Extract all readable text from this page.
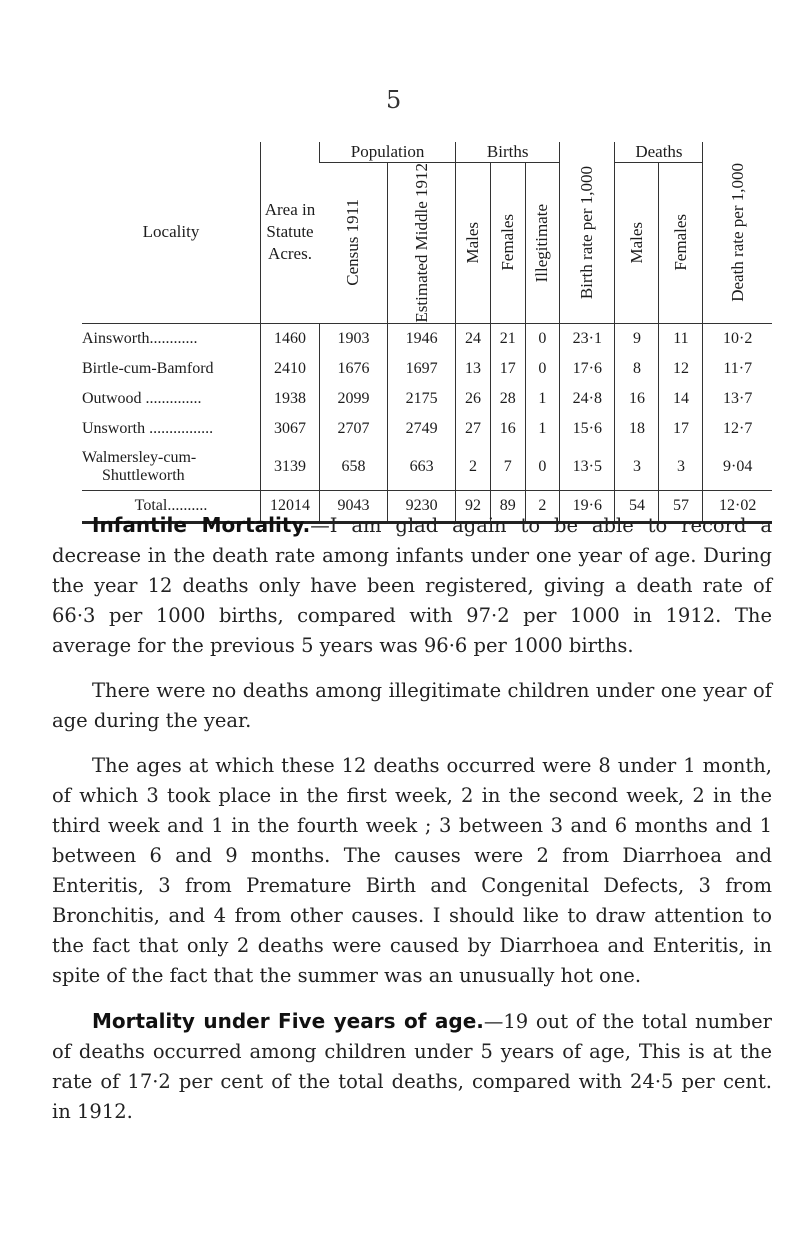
5
Locality	Area in Statute Acres.	Population		Births			Birth rate per 1,000	Deaths		Death rate per 1,000

		Census 1911	Estimated Middle 1912	Males	Females	Illegitimate		Males	Females	

Ainsworth............	1460	1903	1946	24	21	0	23·1	9	11	10·2
Birtle-cum-Bamford	2410	1676	1697	13	17	0	17·6	8	12	11·7
Outwood ..............	1938	2099	2175	26	28	1	24·8	16	14	13·7
Unsworth ................	3067	2707	2749	27	16	1	15·6	18	17	12·7

Walmersley-cum-
Shuttleworth	3139	658	663	2	7	0	13·5	3	3	9·04
Total..........	12014	9043	9230	92	89	2	19·6	54	57	12·02

Infantile Mortality.—I am glad again to be able to record a decrease in the death rate among infants under one year of age. During the year 12 deaths only have been registered, giving a death rate of 66·3 per 1000 births, compared with 97·2 per 1000 in 1912. The average for the previous 5 years was 96·6 per 1000 births.

There were no deaths among illegitimate children under one year of age during the year.

The ages at which these 12 deaths occurred were 8 under 1 month, of which 3 took place in the first week, 2 in the second week, 2 in the third week and 1 in the fourth week ; 3 between 3 and 6 months and 1 between 6 and 9 months. The causes were 2 from Diarrhoea and Enteritis, 3 from Premature Birth and Congenital Defects, 3 from Bronchitis, and 4 from other causes. I should like to draw attention to the fact that only 2 deaths were caused by Diarrhoea and Enteritis, in spite of the fact that the summer was an unusually hot one.

Mortality under Five years of age.—19 out of the total number of deaths occurred among children under 5 years of age, This is at the rate of 17·2 per cent of the total deaths, compared with 24·5 per cent. in 1912.
